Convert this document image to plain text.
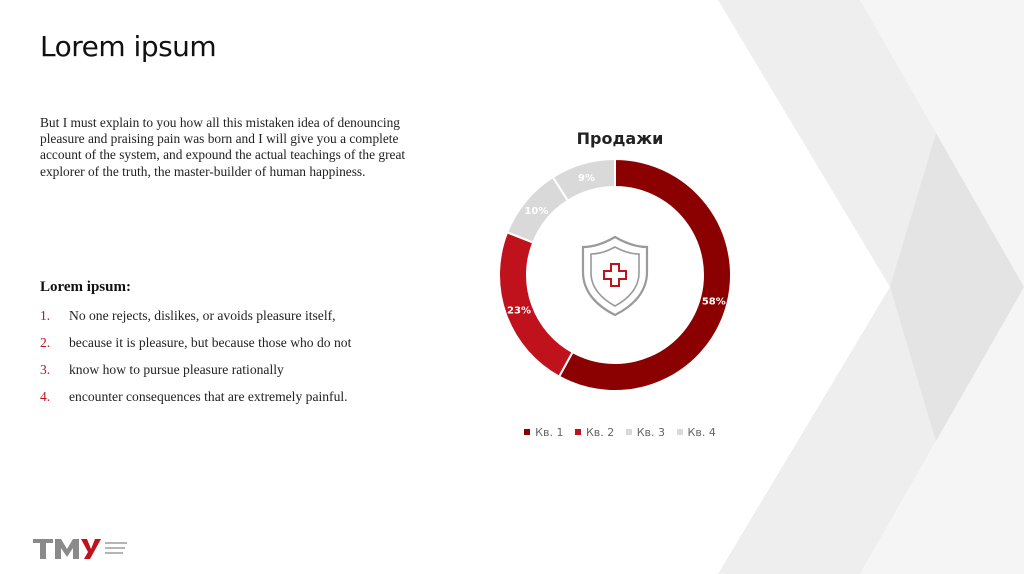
Lorem ipsum
But I must explain to you how all this mistaken idea of denouncing pleasure and praising pain was born and I will give you a complete account of the system, and expound the actual teachings of the great explorer of the truth, the master-builder of human happiness.
Lorem ipsum:
1.	No one rejects, dislikes, or avoids pleasure itself,
2.	because it is pleasure, but because those who do not
3.	know how to pursue pleasure rationally
4.	encounter consequences that are extremely painful.
Продажи
58%
23%
10%
9%
Кв. 1
Кв. 2
Кв. 3
Кв. 4
